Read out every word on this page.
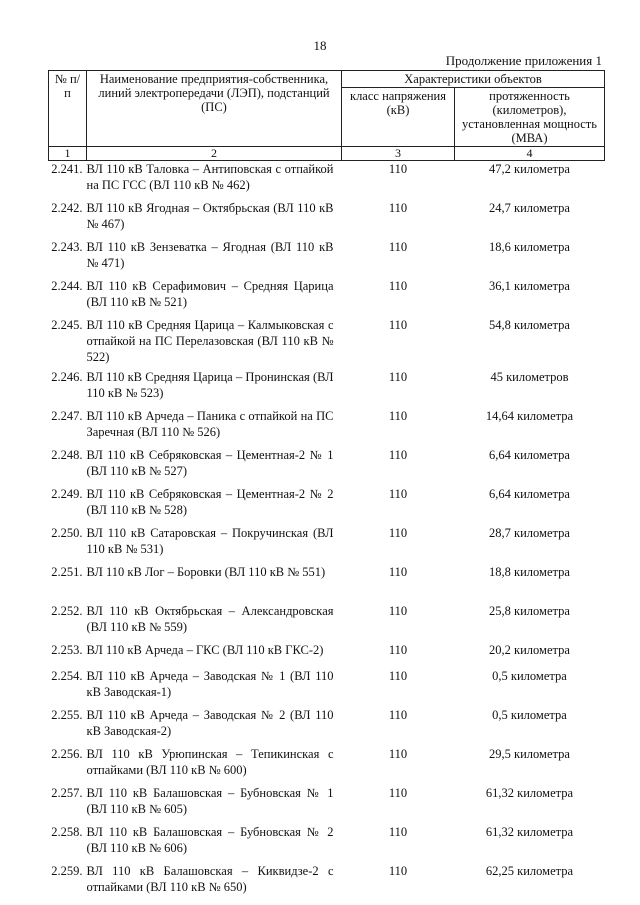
18
Продолжение приложения 1
№ п/п	Наименование предприятия-собственника, линий электропередачи (ЛЭП), подстанций (ПС)	Характеристики объектов	
		класс напряжения (кВ)	протяженность (километров), установленная мощность (МВА)
1	2	3	4
2.241.	ВЛ 110 кВ Таловка – Антиповская с отпайкой на ПС ГСС (ВЛ 110 кВ № 462)	110	47,2 километра
2.242.	ВЛ 110 кВ Ягодная – Октябрьская (ВЛ 110 кВ № 467)	110	24,7 километра
2.243.	ВЛ 110 кВ Зензеватка – Ягодная (ВЛ 110 кВ № 471)	110	18,6 километра
2.244.	ВЛ 110 кВ Серафимович – Средняя Царица (ВЛ 110 кВ № 521)	110	36,1 километра
2.245.	ВЛ 110 кВ Средняя Царица – Калмыковская с отпайкой на ПС Перелазовская (ВЛ 110 кВ № 522)	110	54,8 километра
2.246.	ВЛ 110 кВ Средняя Царица – Пронинская (ВЛ 110 кВ № 523)	110	45 километров
2.247.	ВЛ 110 кВ Арчеда – Паника с отпайкой на ПС Заречная (ВЛ 110 № 526)	110	14,64 километра
2.248.	ВЛ 110 кВ Себряковская – Цементная-2 № 1 (ВЛ 110 кВ № 527)	110	6,64 километра
2.249.	ВЛ 110 кВ Себряковская – Цементная-2 № 2 (ВЛ 110 кВ № 528)	110	6,64 километра
2.250.	ВЛ 110 кВ Сатаровская – Покручинская (ВЛ 110 кВ № 531)	110	28,7 километра
2.251.	ВЛ 110 кВ Лог – Боровки (ВЛ 110 кВ № 551)	110	18,8 километра
2.252.	ВЛ 110 кВ Октябрьская – Александровская (ВЛ 110 кВ № 559)	110	25,8 километра
2.253.	ВЛ 110 кВ Арчеда – ГКС (ВЛ 110 кВ ГКС-2)	110	20,2 километра
2.254.	ВЛ 110 кВ Арчеда – Заводская № 1 (ВЛ 110 кВ Заводская-1)	110	0,5 километра
2.255.	ВЛ 110 кВ Арчеда – Заводская № 2 (ВЛ 110 кВ Заводская-2)	110	0,5 километра
2.256.	ВЛ 110 кВ Урюпинская – Тепикинская с отпайками (ВЛ 110 кВ № 600)	110	29,5 километра
2.257.	ВЛ 110 кВ Балашовская – Бубновская № 1 (ВЛ 110 кВ № 605)	110	61,32 километра
2.258.	ВЛ 110 кВ Балашовская – Бубновская № 2 (ВЛ 110 кВ № 606)	110	61,32 километра
2.259.	ВЛ 110 кВ Балашовская – Киквидзе-2 с отпайками (ВЛ 110 кВ № 650)	110	62,25 километра
